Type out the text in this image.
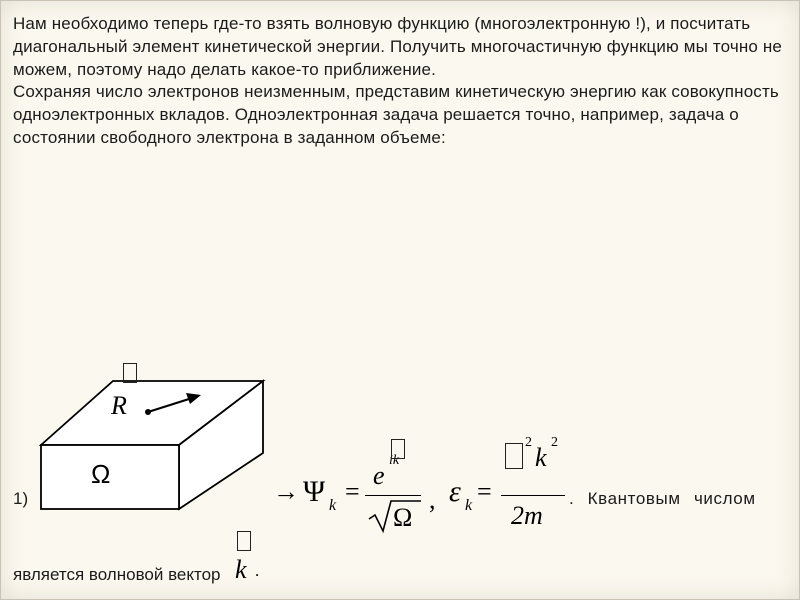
Нам необходимо теперь где-то взять волновую функцию (многоэлектронную !), и посчитать диагональный элемент кинетической энергии. Получить многочастичную функцию мы точно не можем, поэтому надо делать какое-то приближение.

Сохраняя число электронов неизменным, представим кинетическую энергию как совокупность одноэлектронных вкладов. Одноэлектронная задача решается точно, например, задача о состоянии свободного электрона в заданном объеме:

R
Ω
1)	→ Ψ k =
e
ik
Ω
, ε k =
2
k
2
2m
. Квантовым числом
является волновой вектор k .
